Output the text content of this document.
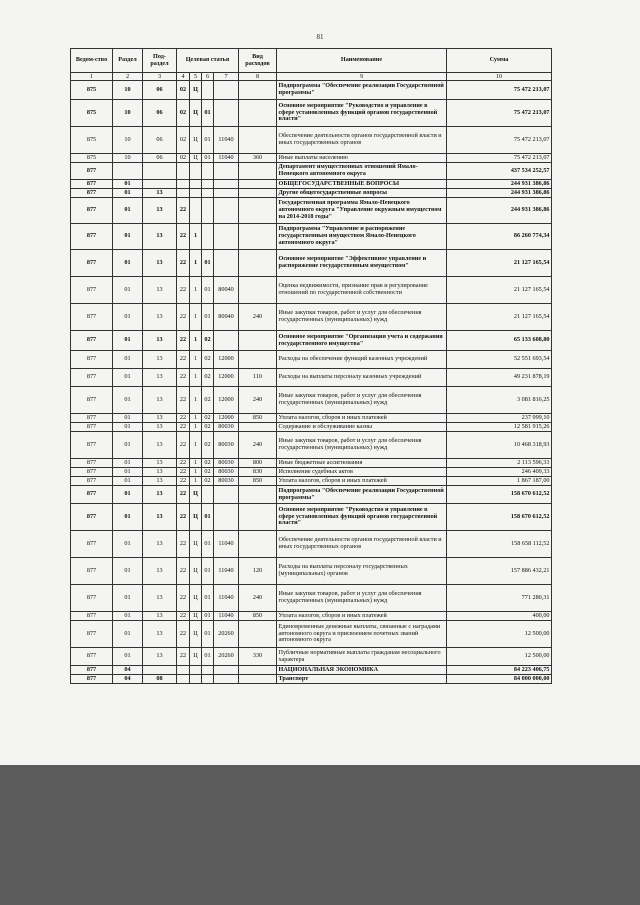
81
Ведом-ство	Раздел	Под-раздел	Целевая статья				Вид расходов	Наименование	Сумма
1	2	3	4	5	6	7	8	9	10
875	10	06	02	Ц				Подпрограмма "Обеспечение реализации Государственной программы"	75 472 213,07
875	10	06	02	Ц	01			Основное мероприятие "Руководство и управление в сфере установленных функций органов государственной власти"	75 472 213,07
875	10	06	02	Ц	01	11040		Обеспечение деятельности органов государственной власти и иных государственных органов	75 472 213,07
875	10	06	02	Ц	01	11040	360	Иные выплаты населению	75 472 213,07
877								Департамент имущественных отношений Ямало-Ненецкого автономного округа	437 534 252,57
877	01							ОБЩЕГОСУДАРСТВЕННЫЕ ВОПРОСЫ	244 931 386,86
877	01	13						Другие общегосударственные вопросы	244 931 386,86
877	01	13	22					Государственная программа Ямало-Ненецкого автономного округа "Управление окружным имуществом на 2014-2018 годы"	244 931 386,86
877	01	13	22	1				Подпрограмма "Управление и распоряжение государственным имуществом Ямало-Ненецкого автономного округа"	86 260 774,34
877	01	13	22	1	01			Основное мероприятие "Эффективное управление и распоряжение государственным имуществом"	21 127 165,54
877	01	13	22	1	01	80040		Оценка недвижимости, признание прав и регулирование отношений по государственной собственности	21 127 165,54
877	01	13	22	1	01	80040	240	Иные закупки товаров, работ и услуг для обеспечения государственных (муниципальных) нужд	21 127 165,54
877	01	13	22	1	02			Основное мероприятие "Организация учета и содержания государственного имущества"	65 133 608,80
877	01	13	22	1	02	12000		Расходы на обеспечение функций казенных учреждений	52 551 693,54
877	01	13	22	1	02	12000	110	Расходы на выплаты персоналу казенных учреждений	49 231 878,19
877	01	13	22	1	02	12000	240	Иные закупки товаров, работ и услуг для обеспечения государственных (муниципальных) нужд	3 081 816,25
877	01	13	22	1	02	12000	850	Уплата налогов, сборов и иных платежей	237 999,10
877	01	13	22	1	02	80030		Содержание и обслуживание казны	12 581 915,26
877	01	13	22	1	02	80030	240	Иные закупки товаров, работ и услуг для обеспечения государственных (муниципальных) нужд	10 468 318,93
877	01	13	22	1	02	80030	800	Иные бюджетные ассигнования	2 113 596,33
877	01	13	22	1	02	80030	830	Исполнение судебных актов	246 409,33
877	01	13	22	1	02	80030	850	Уплата налогов, сборов и иных платежей	1 867 187,00
877	01	13	22	Ц				Подпрограмма "Обеспечение реализации Государственной программы"	158 670 612,52
877	01	13	22	Ц	01			Основное мероприятие "Руководство и управление в сфере установленных функций органов государственной власти"	158 670 612,52
877	01	13	22	Ц	01	11040		Обеспечение деятельности органов государственной власти и иных государственных органов	158 658 112,52
877	01	13	22	Ц	01	11040	120	Расходы на выплаты персоналу государственных (муниципальных) органов	157 886 432,21
877	01	13	22	Ц	01	11040	240	Иные закупки товаров, работ и услуг для обеспечения государственных (муниципальных) нужд	771 280,31
877	01	13	22	Ц	01	11040	850	Уплата налогов, сборов и иных платежей	400,00
877	01	13	22	Ц	01	20260		Единовременные денежные выплаты, связанные с наградами автономного округа и присвоением почетных званий автономного округа	12 500,00
877	01	13	22	Ц	01	20260	330	Публичные нормативные выплаты гражданам несоциального характера	12 500,00
877	04							НАЦИОНАЛЬНАЯ ЭКОНОМИКА	84 223 406,75
877	04	08						Транспорт	84 000 000,00
